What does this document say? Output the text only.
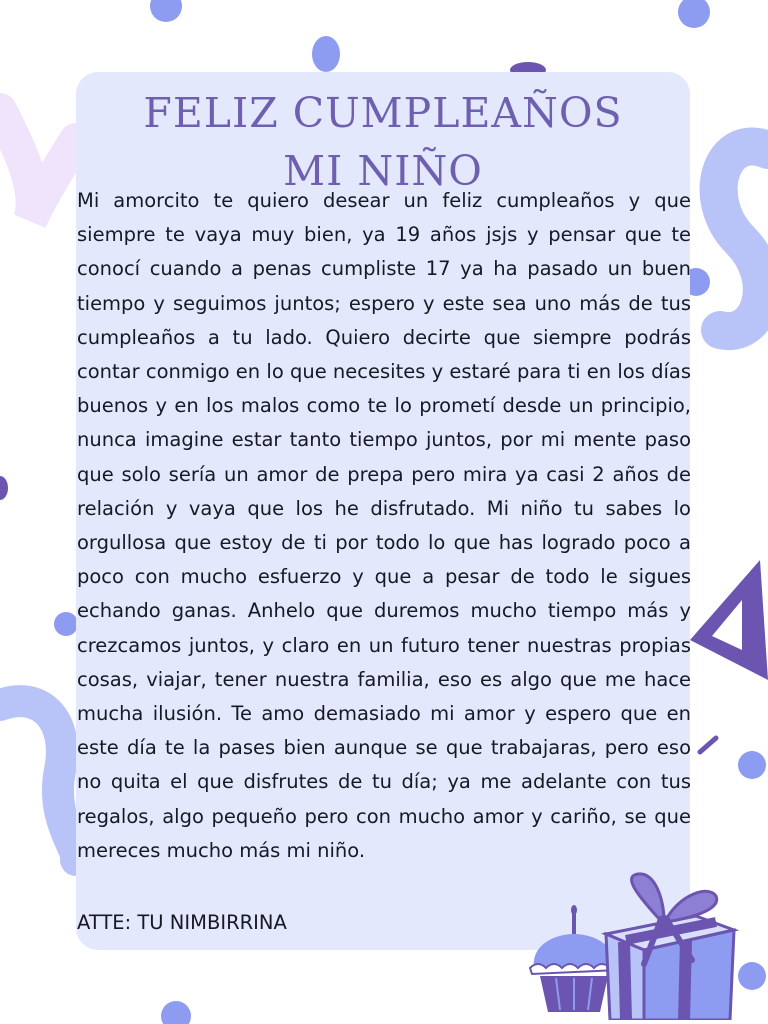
FELIZ CUMPLEAÑOS
MI NIÑO

Mi amorcito te quiero desear un feliz cumpleaños y que siempre te vaya muy bien, ya 19 años jsjs y pensar que te conocí cuando a penas cumpliste 17 ya ha pasado un buen tiempo y seguimos juntos; espero y este sea uno más de tus cumpleaños a tu lado. Quiero decirte que siempre podrás contar conmigo en lo que necesites y estaré para ti en los días buenos y en los malos como te lo prometí desde un principio, nunca imagine estar tanto tiempo juntos, por mi mente paso que solo sería un amor de prepa pero mira ya casi 2 años de relación y vaya que los he disfrutado. Mi niño tu sabes lo orgullosa que estoy de ti por todo lo que has logrado poco a poco con mucho esfuerzo y que a pesar de todo le sigues echando ganas. Anhelo que duremos mucho tiempo más y crezcamos juntos, y claro en un futuro tener nuestras propias cosas, viajar, tener nuestra familia, eso es algo que me hace mucha ilusión. Te amo demasiado mi amor y espero que en este día te la pases bien aunque se que trabajaras, pero eso no quita el que disfrutes de tu día; ya me adelante con tus regalos, algo pequeño pero con mucho amor y cariño, se que mereces mucho más mi niño.

ATTE: TU NIMBIRRINA
